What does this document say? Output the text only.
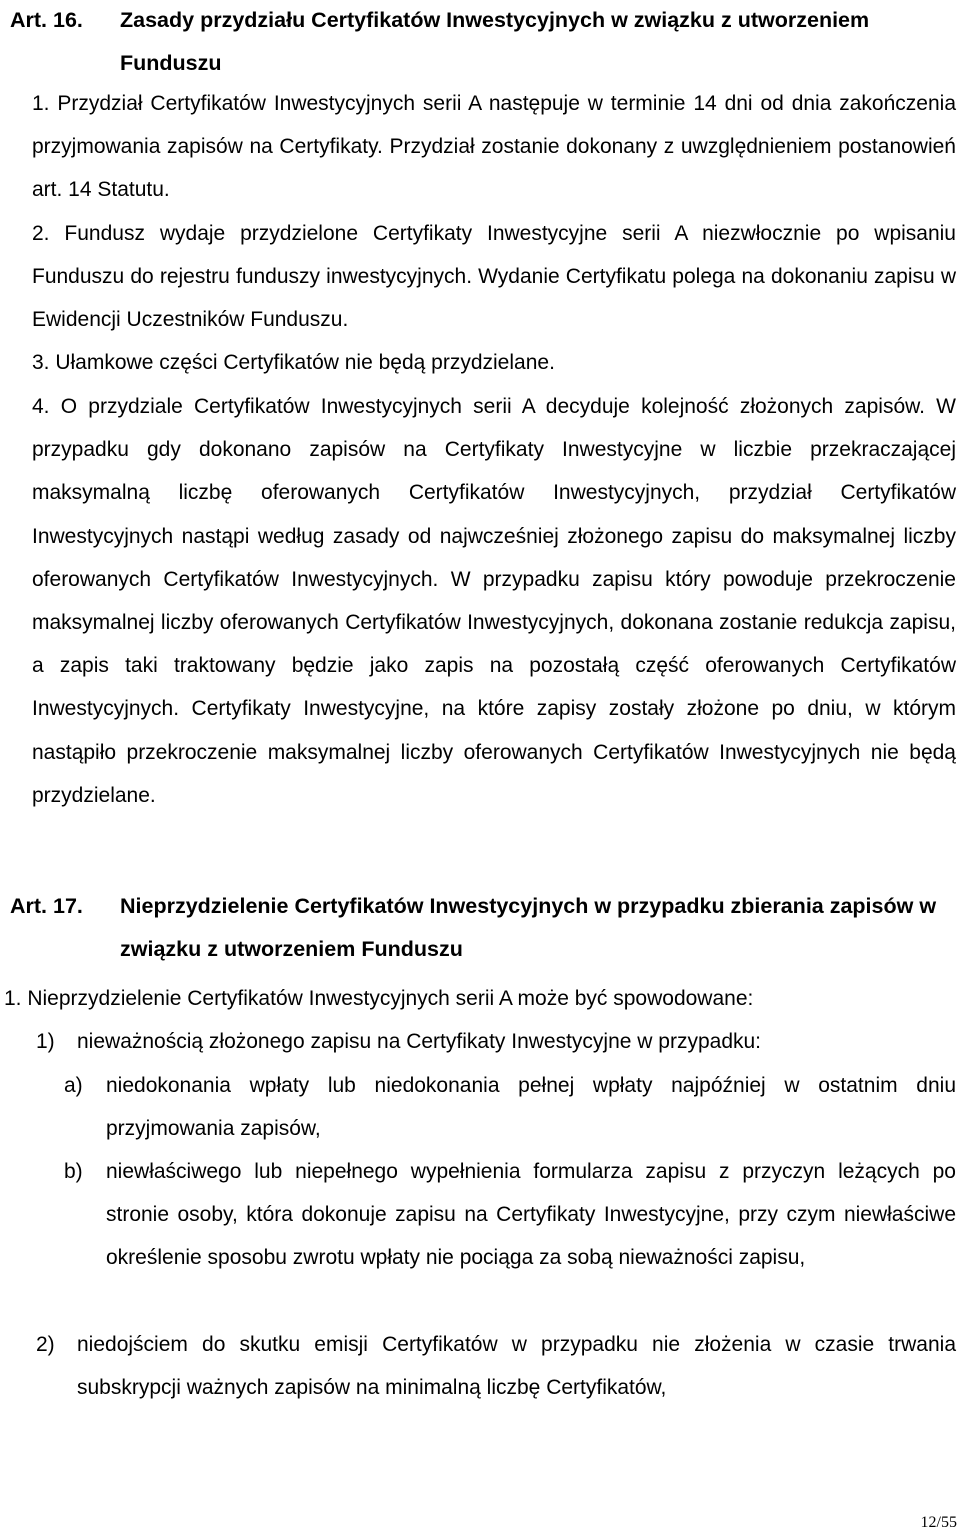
Art. 16. Zasady przydziału Certyfikatów Inwestycyjnych w związku z utworzeniem Funduszu
1. Przydział Certyfikatów Inwestycyjnych serii A następuje w terminie 14 dni od dnia zakończenia przyjmowania zapisów na Certyfikaty. Przydział zostanie dokonany z uwzględnieniem postanowień art. 14 Statutu.
2. Fundusz wydaje przydzielone Certyfikaty Inwestycyjne serii A niezwłocznie po wpisaniu Funduszu do rejestru funduszy inwestycyjnych. Wydanie Certyfikatu polega na dokonaniu zapisu w Ewidencji Uczestników Funduszu.
3. Ułamkowe części Certyfikatów nie będą przydzielane.
4. O przydziale Certyfikatów Inwestycyjnych serii A decyduje kolejność złożonych zapisów. W przypadku gdy dokonano zapisów na Certyfikaty Inwestycyjne w liczbie przekraczającej maksymalną liczbę oferowanych Certyfikatów Inwestycyjnych, przydział Certyfikatów Inwestycyjnych nastąpi według zasady od najwcześniej złożonego zapisu do maksymalnej liczby oferowanych Certyfikatów Inwestycyjnych. W przypadku zapisu który powoduje przekroczenie maksymalnej liczby oferowanych Certyfikatów Inwestycyjnych, dokonana zostanie redukcja zapisu, a zapis taki traktowany będzie jako zapis na pozostałą część oferowanych Certyfikatów Inwestycyjnych. Certyfikaty Inwestycyjne, na które zapisy zostały złożone po dniu, w którym nastąpiło przekroczenie maksymalnej liczby oferowanych Certyfikatów Inwestycyjnych nie będą przydzielane.
Art. 17. Nieprzydzielenie Certyfikatów Inwestycyjnych w przypadku zbierania zapisów w związku z utworzeniem Funduszu
1. Nieprzydzielenie Certyfikatów Inwestycyjnych serii A może być spowodowane:
1) nieważnością złożonego zapisu na Certyfikaty Inwestycyjne w przypadku:
a) niedokonania wpłaty lub niedokonania pełnej wpłaty najpóźniej w ostatnim dniu przyjmowania zapisów,
b) niewłaściwego lub niepełnego wypełnienia formularza zapisu z przyczyn leżących po stronie osoby, która dokonuje zapisu na Certyfikaty Inwestycyjne, przy czym niewłaściwe określenie sposobu zwrotu wpłaty nie pociąga za sobą nieważności zapisu,
2) niedojściem do skutku emisji Certyfikatów w przypadku nie złożenia w czasie trwania subskrypcji ważnych zapisów na minimalną liczbę Certyfikatów,
12/55
